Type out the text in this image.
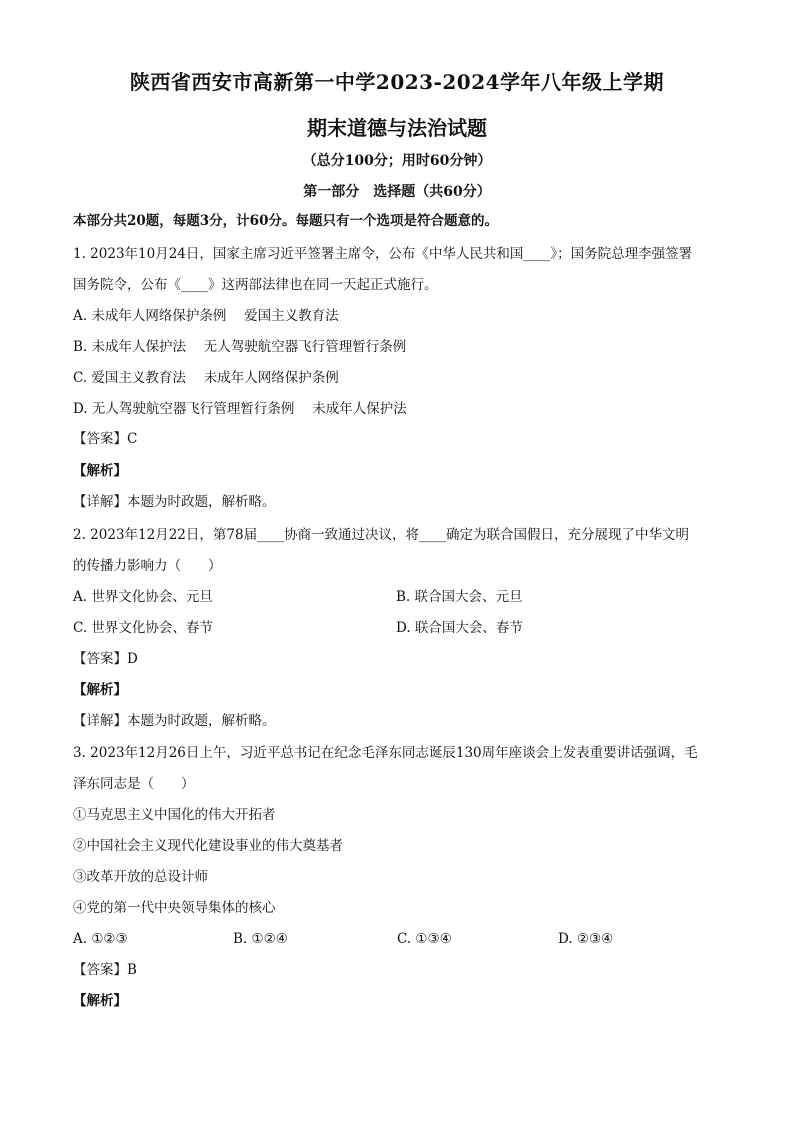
陕西省西安市高新第一中学2023-2024学年八年级上学期
期末道德与法治试题
（总分100分；用时60分钟）
第一部分　选择题（共60分）
本部分共20题，每题3分，计60分。每题只有一个选项是符合题意的。
1. 2023年10月24日，国家主席习近平签署主席令，公布《中华人民共和国____》；国务院总理李强签署
国务院令，公布《____》这两部法律也在同一天起正式施行。
A. 未成年人网络保护条例　 爱国主义教育法
B. 未成年人保护法　 无人驾驶航空器飞行管理暂行条例
C. 爱国主义教育法　 未成年人网络保护条例
D. 无人驾驶航空器飞行管理暂行条例　 未成年人保护法
【答案】C
【解析】
【详解】本题为时政题，解析略。
2. 2023年12月22日，第78届____协商一致通过决议，将____确定为联合国假日，充分展现了中华文明
的传播力影响力（　　）
A. 世界文化协会、元旦	B. 联合国大会、元旦
C. 世界文化协会、春节	D. 联合国大会、春节
【答案】D
【解析】
【详解】本题为时政题，解析略。
3. 2023年12月26日上午，习近平总书记在纪念毛泽东同志诞辰130周年座谈会上发表重要讲话强调，毛
泽东同志是（　　）
①马克思主义中国化的伟大开拓者
②中国社会主义现代化建设事业的伟大奠基者
③改革开放的总设计师
④党的第一代中央领导集体的核心
A. ①②③	B. ①②④	C. ①③④	D. ②③④
【答案】B
【解析】
